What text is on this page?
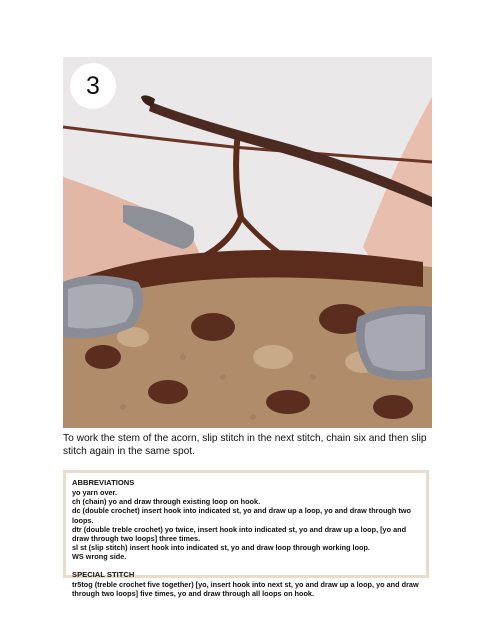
3
To work the stem of the acorn, slip stitch in the next stitch, chain six and then slip stitch again in the same spot.
ABBREVIATIONS
yo yarn over.
ch (chain) yo and draw through existing loop on hook.
dc (double crochet) insert hook into indicated st, yo and draw up a loop, yo and draw through two loops.
dtr (double treble crochet) yo twice, insert hook into indicated st, yo and draw up a loop, [yo and draw through two loops] three times.
sl st (slip stitch) insert hook into indicated st, yo and draw loop through working loop.
WS wrong side.
SPECIAL STITCH
tr5tog (treble crochet five together) [yo, insert hook into next st, yo and draw up a loop, yo and draw through two loops] five times, yo and draw through all loops on hook.
